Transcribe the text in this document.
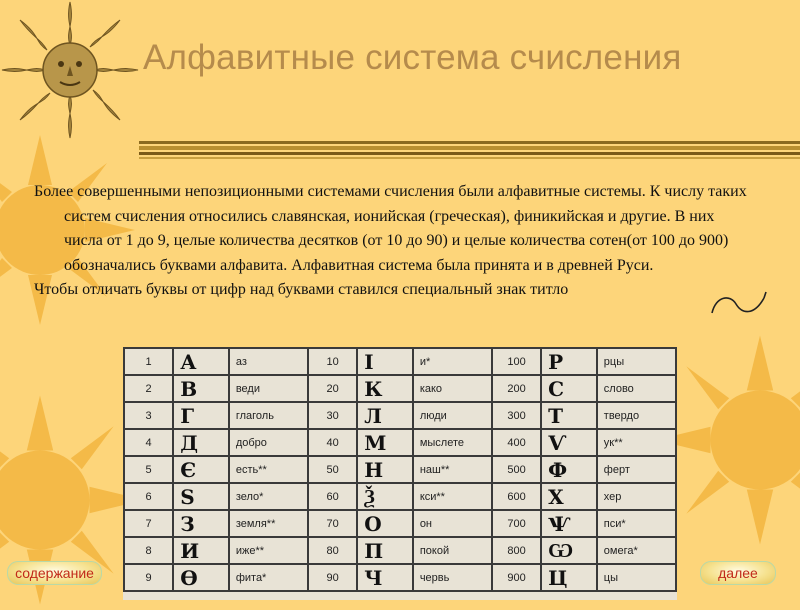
Алфавитные система счисления

Более совершенными непозиционными системами счисления были алфавитные системы. К числу таких систем счисления относились славянская, ионийская (греческая), финикийская и другие. В них числа от 1 до 9, целые количества десятков (от 10 до 90) и целые количества сотен(от 100 до 900) обозначались буквами алфавита. Алфавитная система была принята и в древней Руси.

Чтобы отличать буквы от цифр над буквами ставился специальный знак титло

1	А	аз	10	І	и*	100	Р	рцы
2	В	веди	20	К	како	200	С	слово
3	Г	глаголь	30	Л	люди	300	Т	твердо
4	Д	добро	40	М	мыслете	400	Ѵ	ук**
5	Є	есть**	50	Н	наш**	500	Ф	ферт
6	Ѕ	зело*	60	Ѯ	кси**	600	Х	хер
7	З	земля**	70	О	он	700	Ѱ	пси*
8	И	иже**	80	П	покой	800	Ѡ	омега*
9	Ѳ	фита*	90	Ч	червь	900	Ц	цы
содержание	далее
